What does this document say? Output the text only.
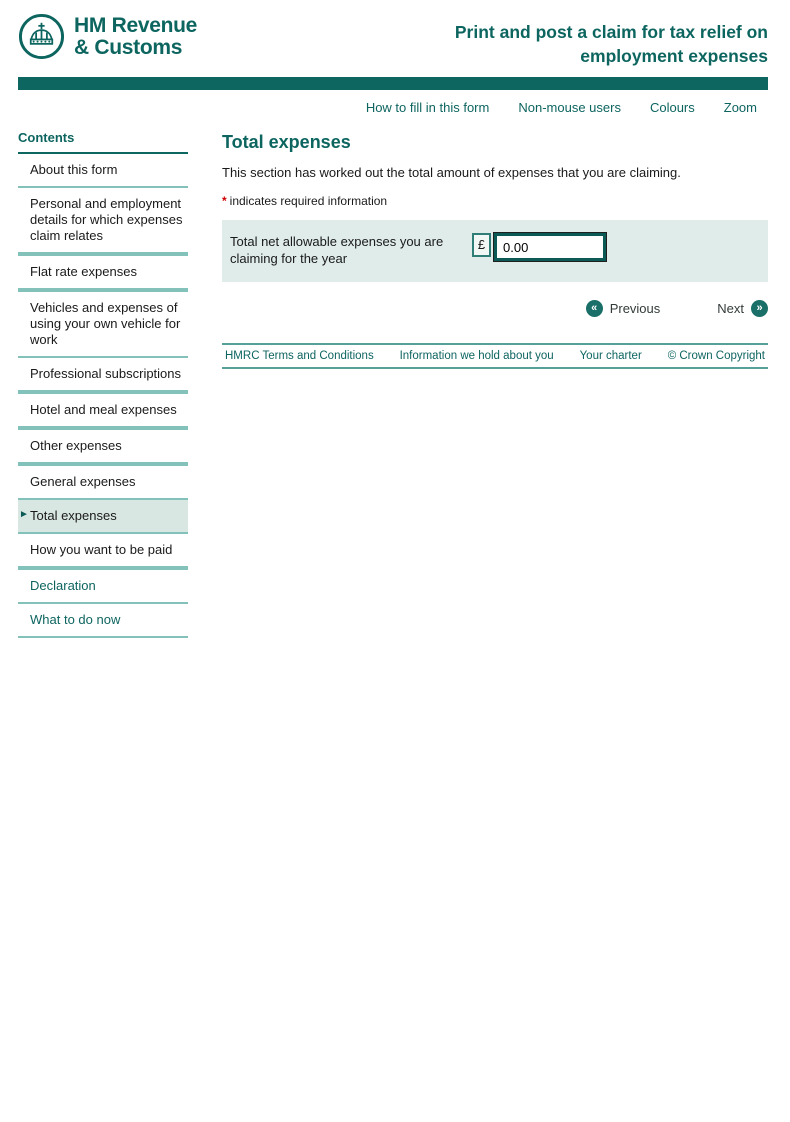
HM Revenue
& Customs
Print and post a claim for tax relief on
employment expenses
How to fill in this form Non-mouse users Colours Zoom
Contents
About this form
Personal and employment details for which expenses claim relates
Flat rate expenses
Vehicles and expenses of using your own vehicle for work
Professional subscriptions
Hotel and meal expenses
Other expenses
General expenses
► Total expenses
How you want to be paid
Declaration
What to do now
Total expenses
This section has worked out the total amount of expenses that you are claiming.
* indicates required information
Total net allowable expenses you are claiming for the year
£
0.00
« Previous	Next	»
HMRC Terms and Conditions Information we hold about you Your charter © Crown Copyright
